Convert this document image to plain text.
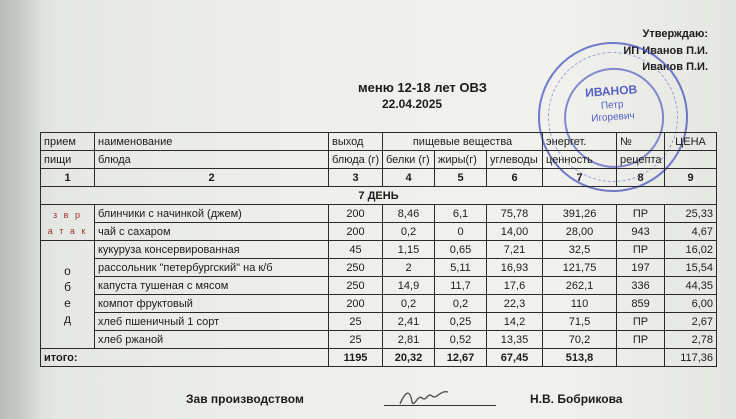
Утверждаю:
ИП Иванов П.И.
Иванов П.И.
ИВАНОВ
Петр
Игоревич
меню 12-18 лет ОВЗ
22.04.2025
прием	наименование	выход	пищевые вещества			энергет.	№	ЦЕНА
пищи	блюда	блюда (г)	белки (г)	жиры(г)	углеводы	ценность	рецепта	
1	2	3	4	5	6	7	8	9
7 ДЕНЬ								

з в р
а т а к	блинчики с начинкой (джем)	200	8,46	6,1	75,78	391,26	ПР	25,33
	чай с сахаром	200	0,2	0	14,00	28,00	943	4,67

о
б
е
д	кукуруза консервированная	45	1,15	0,65	7,21	32,5	ПР	16,02
	рассольник "петербургский" на к/б	250	2	5,11	16,93	121,75	197	15,54
	капуста тушеная с мясом	250	14,9	11,7	17,6	262,1	336	44,35
	компот фруктовый	200	0,2	0,2	22,3	110	859	6,00
	хлеб пшеничный 1 сорт	25	2,41	0,25	14,2	71,5	ПР	2,67
	хлеб ржаной	25	2,81	0,52	13,35	70,2	ПР	2,78
итого:		1195	20,32	12,67	67,45	513,8		117,36
Зав производством	Н.В. Бобрикова
